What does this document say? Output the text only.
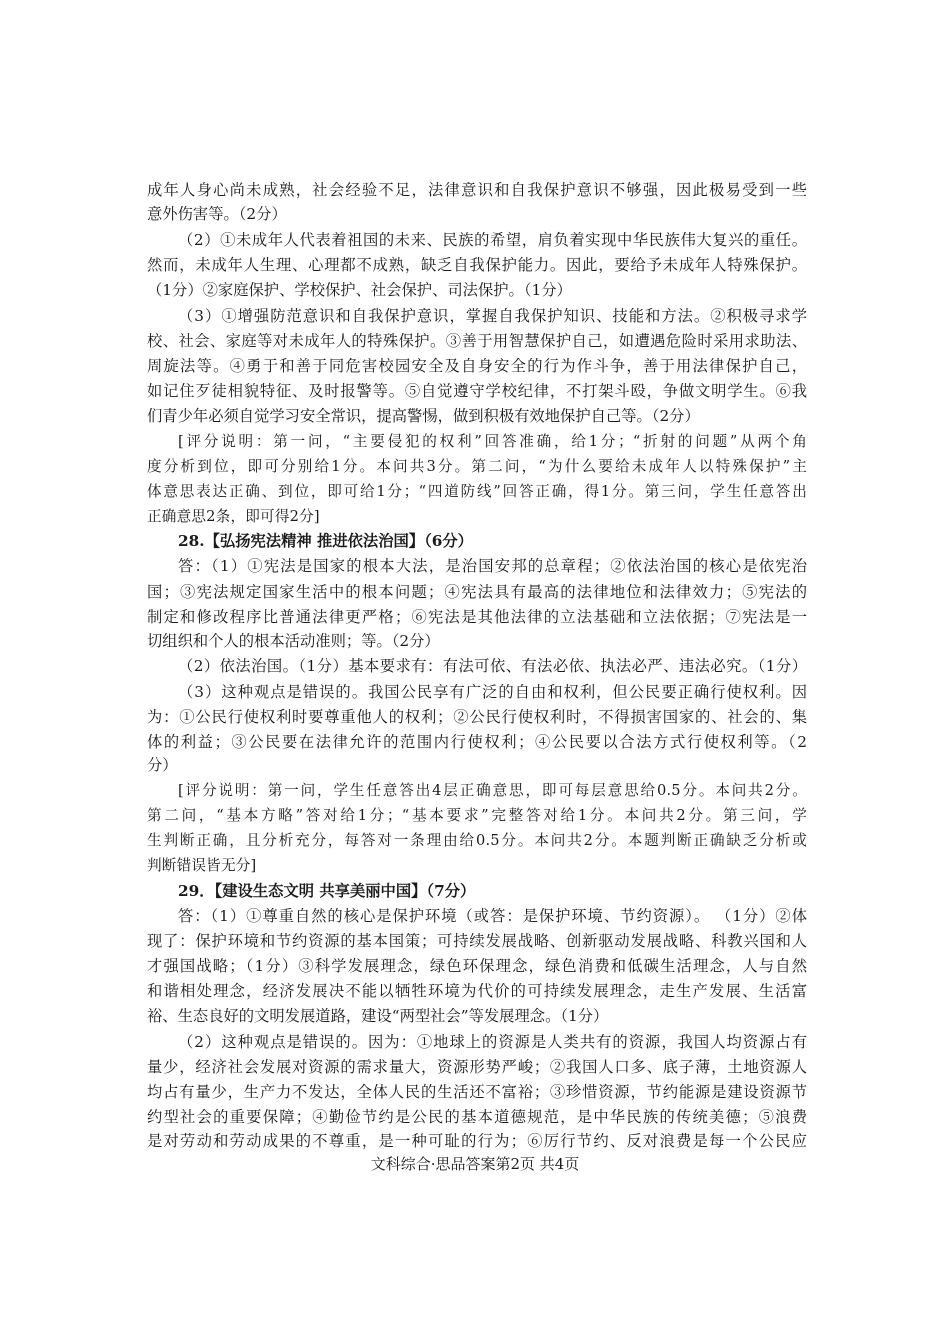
成年人身心尚未成熟，社会经验不足，法律意识和自我保护意识不够强，因此极易受到一些
意外伤害等。（2分）
（2）①未成年人代表着祖国的未来、民族的希望，肩负着实现中华民族伟大复兴的重任。
然而，未成年人生理、心理都不成熟，缺乏自我保护能力。因此，要给予未成年人特殊保护。
（1分）②家庭保护、学校保护、社会保护、司法保护。（1分）
（3）①增强防范意识和自我保护意识，掌握自我保护知识、技能和方法。②积极寻求学
校、社会、家庭等对未成年人的特殊保护。③善于用智慧保护自己，如遭遇危险时采用求助法、
周旋法等。④勇于和善于同危害校园安全及自身安全的行为作斗争，善于用法律保护自己，
如记住歹徒相貌特征、及时报警等。⑤自觉遵守学校纪律，不打架斗殴，争做文明学生。⑥我
们青少年必须自觉学习安全常识，提高警惕，做到积极有效地保护自己等。（2分）
[评分说明：第一问，“主要侵犯的权利”回答准确，给1分；“折射的问题”从两个角
度分析到位，即可分别给1分。本问共3分。第二问，“为什么要给未成年人以特殊保护”主
体意思表达正确、到位，即可给1分；“四道防线”回答正确，得1分。第三问，学生任意答出
正确意思2条，即可得2分]
28.【弘扬宪法精神 推进依法治国】（6分）
答：（1）①宪法是国家的根本大法，是治国安邦的总章程；②依法治国的核心是依宪治
国；③宪法规定国家生活中的根本问题；④宪法具有最高的法律地位和法律效力；⑤宪法的
制定和修改程序比普通法律更严格；⑥宪法是其他法律的立法基础和立法依据；⑦宪法是一
切组织和个人的根本活动准则；等。（2分）
（2）依法治国。（1分）基本要求有：有法可依、有法必依、执法必严、违法必究。（1分）
（3）这种观点是错误的。我国公民享有广泛的自由和权利，但公民要正确行使权利。因
为：①公民行使权利时要尊重他人的权利；②公民行使权利时，不得损害国家的、社会的、集
体的利益；③公民要在法律允许的范围内行使权利；④公民要以合法方式行使权利等。（2
分）
[评分说明：第一问，学生任意答出4层正确意思，即可每层意思给0.5分。本问共2分。
第二问，“基本方略”答对给1分；“基本要求”完整答对给1分。本问共2分。第三问，学
生判断正确，且分析充分，每答对一条理由给0.5分。本问共2分。本题判断正确缺乏分析或
判断错误皆无分]
29．【建设生态文明 共享美丽中国】（7分）
答：（1）①尊重自然的核心是保护环境（或答：是保护环境、节约资源）。 （1分）②体
现了：保护环境和节约资源的基本国策；可持续发展战略、创新驱动发展战略、科教兴国和人
才强国战略；（1分）③科学发展理念，绿色环保理念，绿色消费和低碳生活理念，人与自然
和谐相处理念，经济发展决不能以牺牲环境为代价的可持续发展理念，走生产发展、生活富
裕、生态良好的文明发展道路，建设“两型社会”等发展理念。（1分）
（2）这种观点是错误的。因为：①地球上的资源是人类共有的资源，我国人均资源占有
量少，经济社会发展对资源的需求量大，资源形势严峻；②我国人口多、底子薄，土地资源人
均占有量少，生产力不发达，全体人民的生活还不富裕；③珍惜资源，节约能源是建设资源节
约型社会的重要保障；④勤俭节约是公民的基本道德规范，是中华民族的传统美德；⑤浪费
是对劳动和劳动成果的不尊重，是一种可耻的行为；⑥厉行节约、反对浪费是每一个公民应
文科综合·思品答案第2页 共4页
